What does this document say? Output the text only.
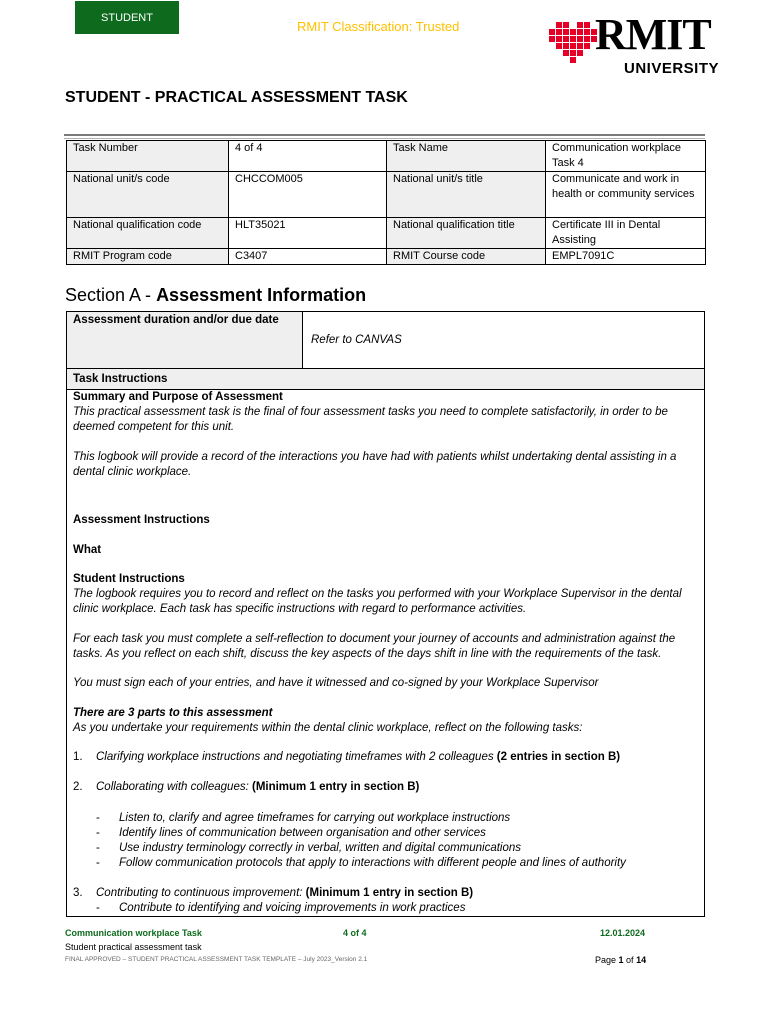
STUDENT
RMIT Classification: Trusted	RMIT
UNIVERSITY
STUDENT - PRACTICAL ASSESSMENT TASK
Task Number	4 of 4	Task Name	Communication workplace Task 4
National unit/s code	CHCCOM005	National unit/s title	Communicate and work in health or community services
National qualification code	HLT35021	National qualification title	Certificate III in Dental Assisting
RMIT Program code	C3407	RMIT Course code	EMPL7091C
Section A - Assessment Information
Assessment duration and/or due date
Refer to CANVAS
Task Instructions

Summary and Purpose of Assessment

This practical assessment task is the final of four assessment tasks you need to complete satisfactorily, in order to be deemed competent for this unit.

This logbook will provide a record of the interactions you have had with patients whilst undertaking dental assisting in a dental clinic workplace.

Assessment Instructions

What

Student Instructions

The logbook requires you to record and reflect on the tasks you performed with your Workplace Supervisor in the dental clinic workplace. Each task has specific instructions with regard to performance activities.

For each task you must complete a self-reflection to document your journey of accounts and administration against the tasks. As you reflect on each shift, discuss the key aspects of the days shift in line with the requirements of the task.

You must sign each of your entries, and have it witnessed and co-signed by your Workplace Supervisor

There are 3 parts to this assessment

As you undertake your requirements within the dental clinic workplace, reflect on the following tasks:

1. Clarifying workplace instructions and negotiating timeframes with 2 colleagues (2 entries in section B)
2. Collaborating with colleagues: (Minimum 1 entry in section B)
- Listen to, clarify and agree timeframes for carrying out workplace instructions
- Identify lines of communication between organisation and other services
- Use industry terminology correctly in verbal, written and digital communications
- Follow communication protocols that apply to interactions with different people and lines of authority
3. Contributing to continuous improvement: (Minimum 1 entry in section B)
- Contribute to identifying and voicing improvements in work practices
Communication workplace Task	4 of 4	12.01.2024
Student practical assessment task
FINAL APPROVED – STUDENT PRACTICAL ASSESSMENT TASK TEMPLATE – July 2023_Version 2.1	Page 1 of 14
